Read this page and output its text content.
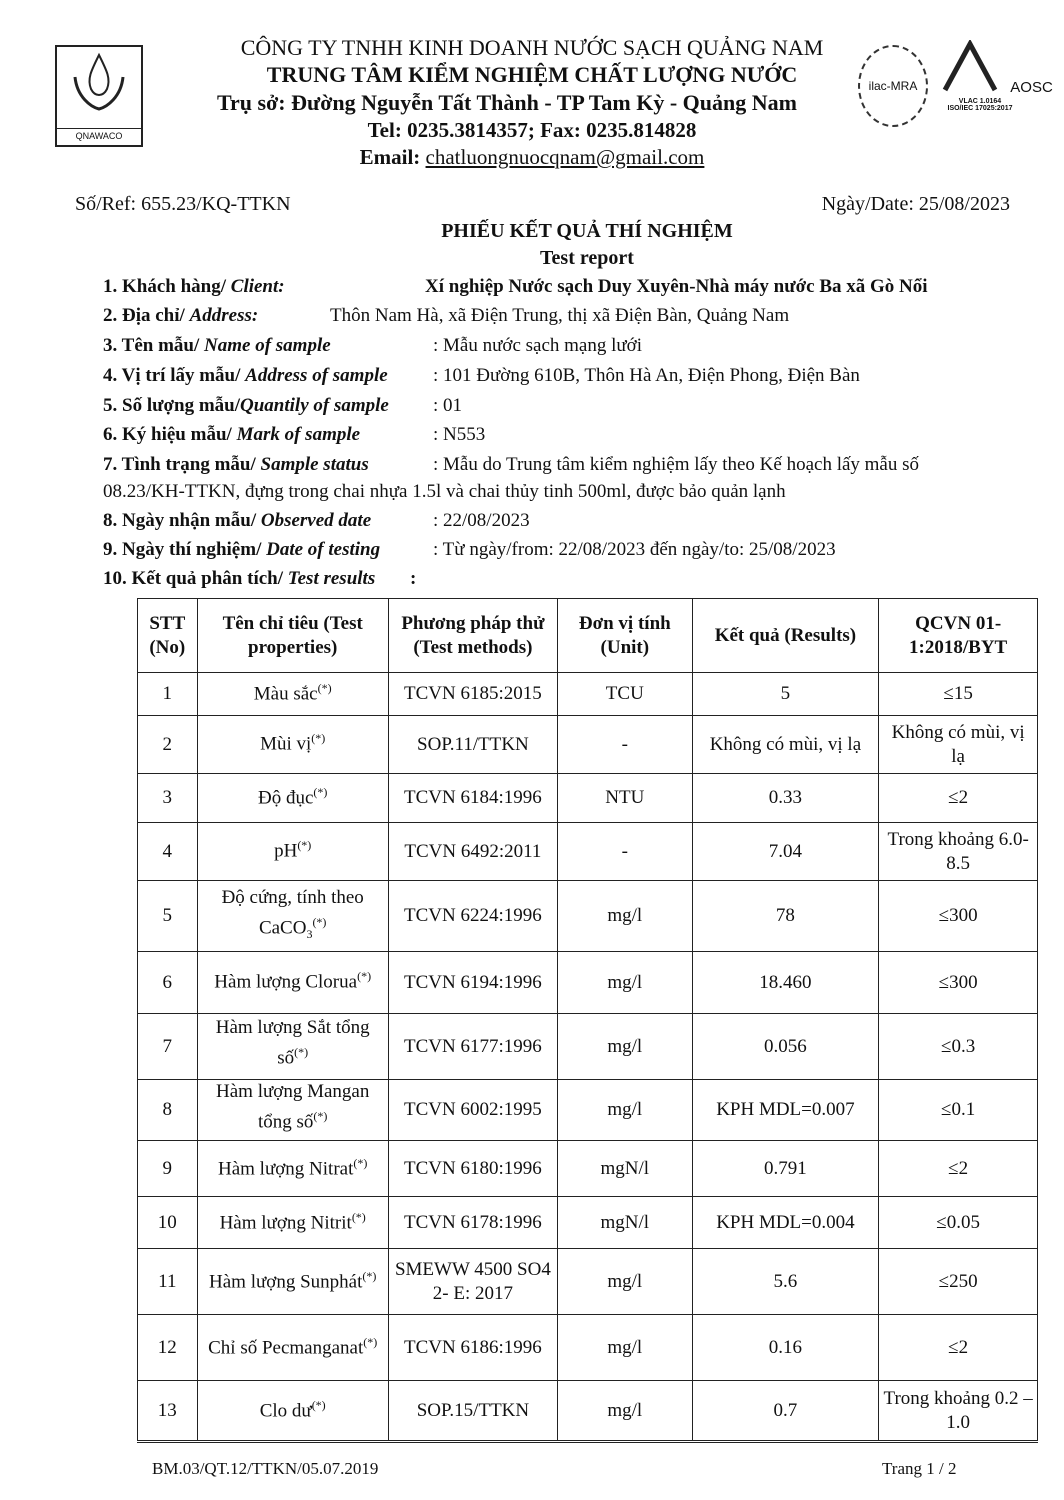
QNAWACO
CÔNG TY TNHH KINH DOANH NƯỚC SẠCH QUẢNG NAM
TRUNG TÂM KIỂM NGHIỆM CHẤT LƯỢNG NƯỚC
Trụ sở: Đường Nguyễn Tất Thành - TP Tam Kỳ - Quảng Nam
Tel: 0235.3814357; Fax: 0235.814828
Email: chatluongnuocqnam@gmail.com
ilac-MRA	AOSC
VLAC 1.0164
ISO/IEC 17025:2017
Số/Ref: 655.23/KQ-TTKN	Ngày/Date: 25/08/2023
PHIẾU KẾT QUẢ THÍ NGHIỆM
Test report
1. Khách hàng/ Client:	Xí nghiệp Nước sạch Duy Xuyên-Nhà máy nước Ba xã Gò Nổi
2. Địa chỉ/ Address:	Thôn Nam Hà, xã Điện Trung, thị xã Điện Bàn, Quảng Nam
3. Tên mẫu/ Name of sample	: Mẫu nước sạch mạng lưới
4. Vị trí lấy mẫu/ Address of sample : 101 Đường 610B, Thôn Hà An, Điện Phong, Điện Bàn
5. Số lượng mẫu/Quantily of sample : 01
6. Ký hiệu mẫu/ Mark of sample	: N553
7. Tình trạng mẫu/ Sample status	: Mẫu do Trung tâm kiểm nghiệm lấy theo Kế hoạch lấy mẫu số
08.23/KH-TTKN, đựng trong chai nhựa 1.5l và chai thủy tinh 500ml, được bảo quản lạnh
8. Ngày nhận mẫu/ Observed date	: 22/08/2023
9. Ngày thí nghiệm/ Date of testing	: Từ ngày/from: 22/08/2023 đến ngày/to: 25/08/2023
10. Kết quả phân tích/ Test results :
STT (No)	Tên chỉ tiêu (Test properties)	Phương pháp thử (Test methods)	Đơn vị tính (Unit)	Kết quả (Results)	QCVN 01-1:2018/BYT
1	Màu sắc(*)	TCVN 6185:2015	TCU	5	≤15
2	Mùi vị(*)	SOP.11/TTKN	-	Không có mùi, vị lạ	Không có mùi, vị lạ
3	Độ đục(*)	TCVN 6184:1996	NTU	0.33	≤2
4	pH(*)	TCVN 6492:2011	-	7.04	Trong khoảng 6.0-8.5
5	Độ cứng, tính theo CaCO$_3$(*)	TCVN 6224:1996	mg/l	78	≤300
6	Hàm lượng Clorua(*)	TCVN 6194:1996	mg/l	18.460	≤300
7	Hàm lượng Sắt tổng số(*)	TCVN 6177:1996	mg/l	0.056	≤0.3
8	Hàm lượng Mangan tổng số(*)	TCVN 6002:1995	mg/l	KPH MDL=0.007	≤0.1
9	Hàm lượng Nitrat(*)	TCVN 6180:1996	mgN/l	0.791	≤2
10	Hàm lượng Nitrit(*)	TCVN 6178:1996	mgN/l	KPH MDL=0.004	≤0.05
11	Hàm lượng Sunphát(*)	SMEWW 4500 SO4 2- E: 2017	mg/l	5.6	≤250
12	Chỉ số Pecmanganat(*)	TCVN 6186:1996	mg/l	0.16	≤2
13	Clo dư(*)	SOP.15/TTKN	mg/l	0.7	Trong khoảng 0.2 – 1.0
BM.03/QT.12/TTKN/05.07.2019	Trang 1 / 2
